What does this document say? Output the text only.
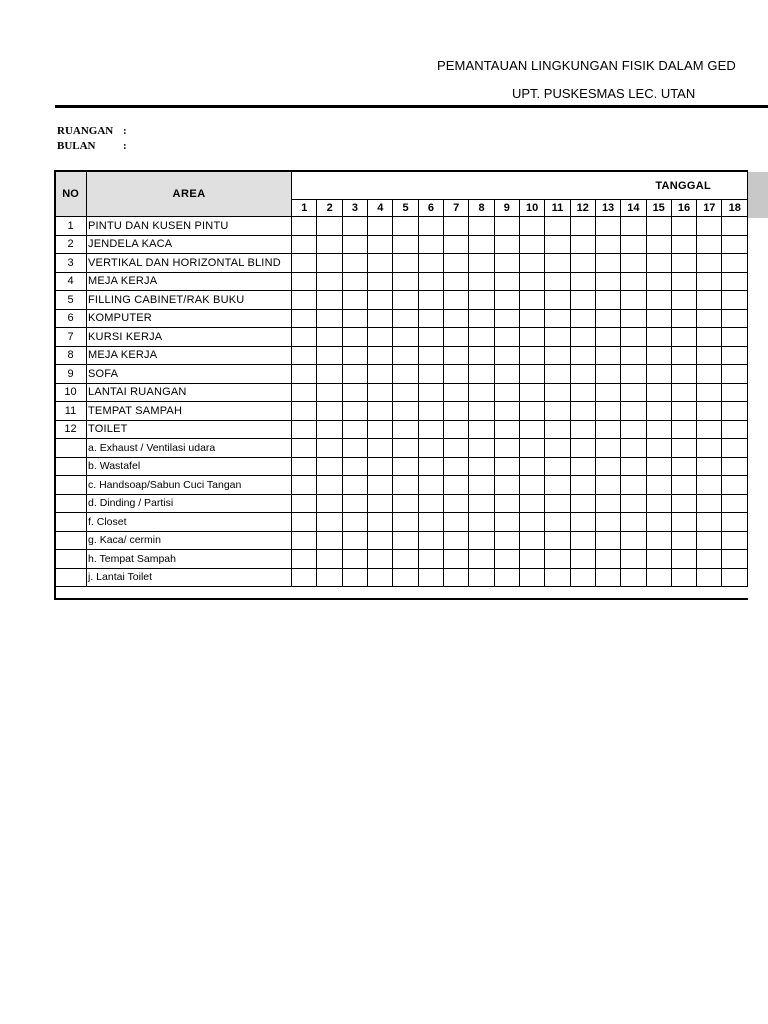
PEMANTAUAN LINGKUNGAN FISIK DALAM GED
UPT. PUSKESMAS LEC. UTAN
RUANGAN :
BULAN :
NO	AREA	TANGGAL																	
		1	2	3	4	5	6	7	8	9	10	11	12	13	14	15	16	17	18
1	PINTU DAN KUSEN PINTU																		
2	JENDELA KACA																		
3	VERTIKAL DAN HORIZONTAL BLIND																		
4	MEJA KERJA																		
5	FILLING CABINET/RAK BUKU																		
6	KOMPUTER																		
7	KURSI KERJA																		
8	MEJA KERJA																		
9	SOFA																		
10	LANTAI RUANGAN																		
11	TEMPAT SAMPAH																		
12	TOILET																		
	a. Exhaust / Ventilasi udara																		
	b. Wastafel																		
	c. Handsoap/Sabun Cuci Tangan																		
	d. Dinding / Partisi																		
	f. Closet																		
	g. Kaca/ cermin																		
	h. Tempat Sampah																		
	j. Lantai Toilet																		
